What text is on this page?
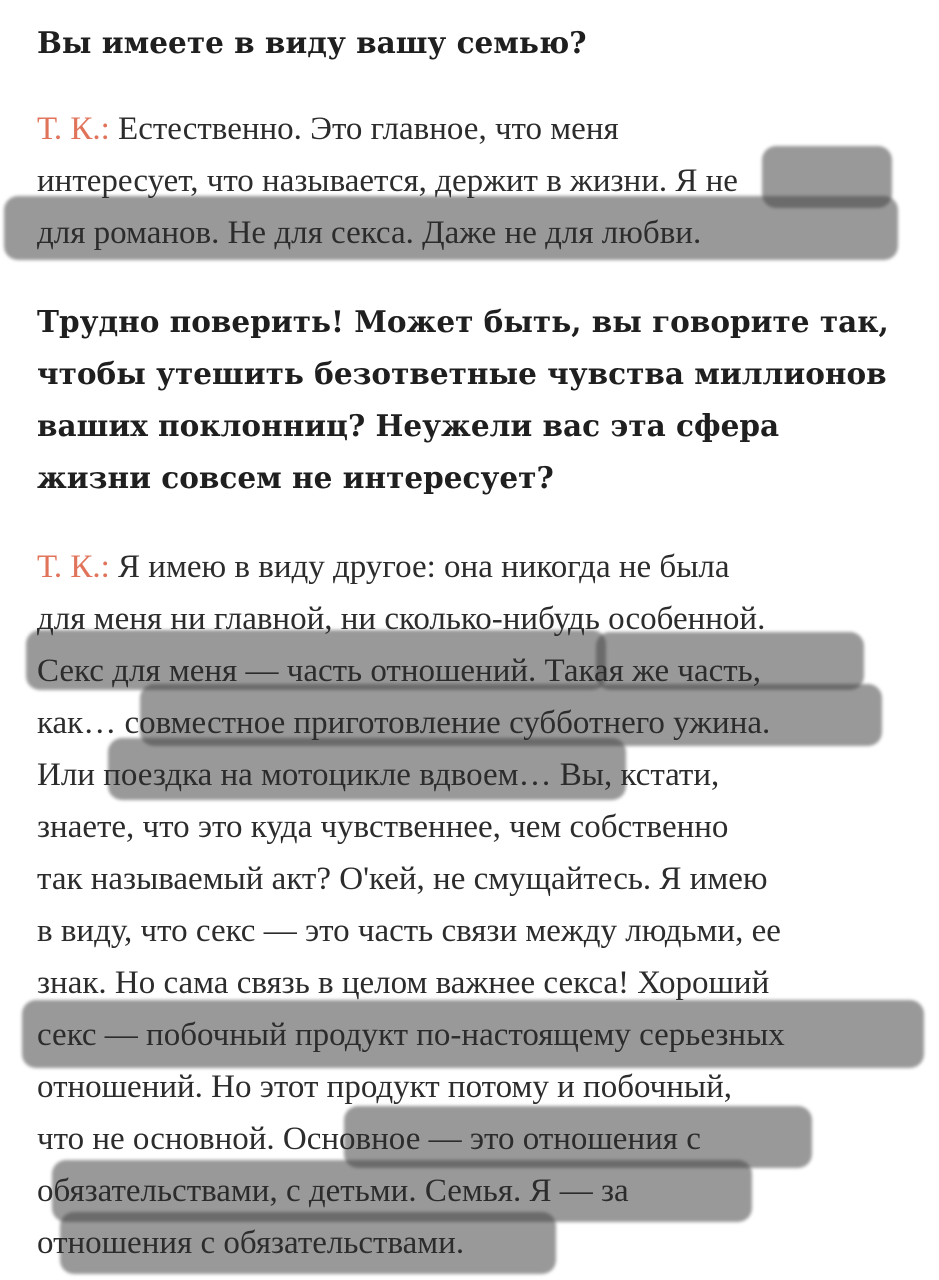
Вы имеете в виду вашу семью?
Т. К.: Естественно. Это главное, что меня
интересует, что называется, держит в жизни. Я не
для романов. Не для секса. Даже не для любви.
Трудно поверить! Может быть, вы говорите так,
чтобы утешить безответные чувства миллионов
ваших поклонниц? Неужели вас эта сфера
жизни совсем не интересует?
Т. К.: Я имею в виду другое: она никогда не была
для меня ни главной, ни сколько-нибудь особенной.
Секс для меня — часть отношений. Такая же часть,
как… совместное приготовление субботнего ужина.
Или поездка на мотоцикле вдвоем… Вы, кстати,
знаете, что это куда чувственнее, чем собственно
так называемый акт? О'кей, не смущайтесь. Я имею
в виду, что секс — это часть связи между людьми, ее
знак. Но сама связь в целом важнее секса! Хороший
секс — побочный продукт по-настоящему серьезных
отношений. Но этот продукт потому и побочный,
что не основной. Основное — это отношения с
обязательствами, с детьми. Семья. Я — за
отношения с обязательствами.
